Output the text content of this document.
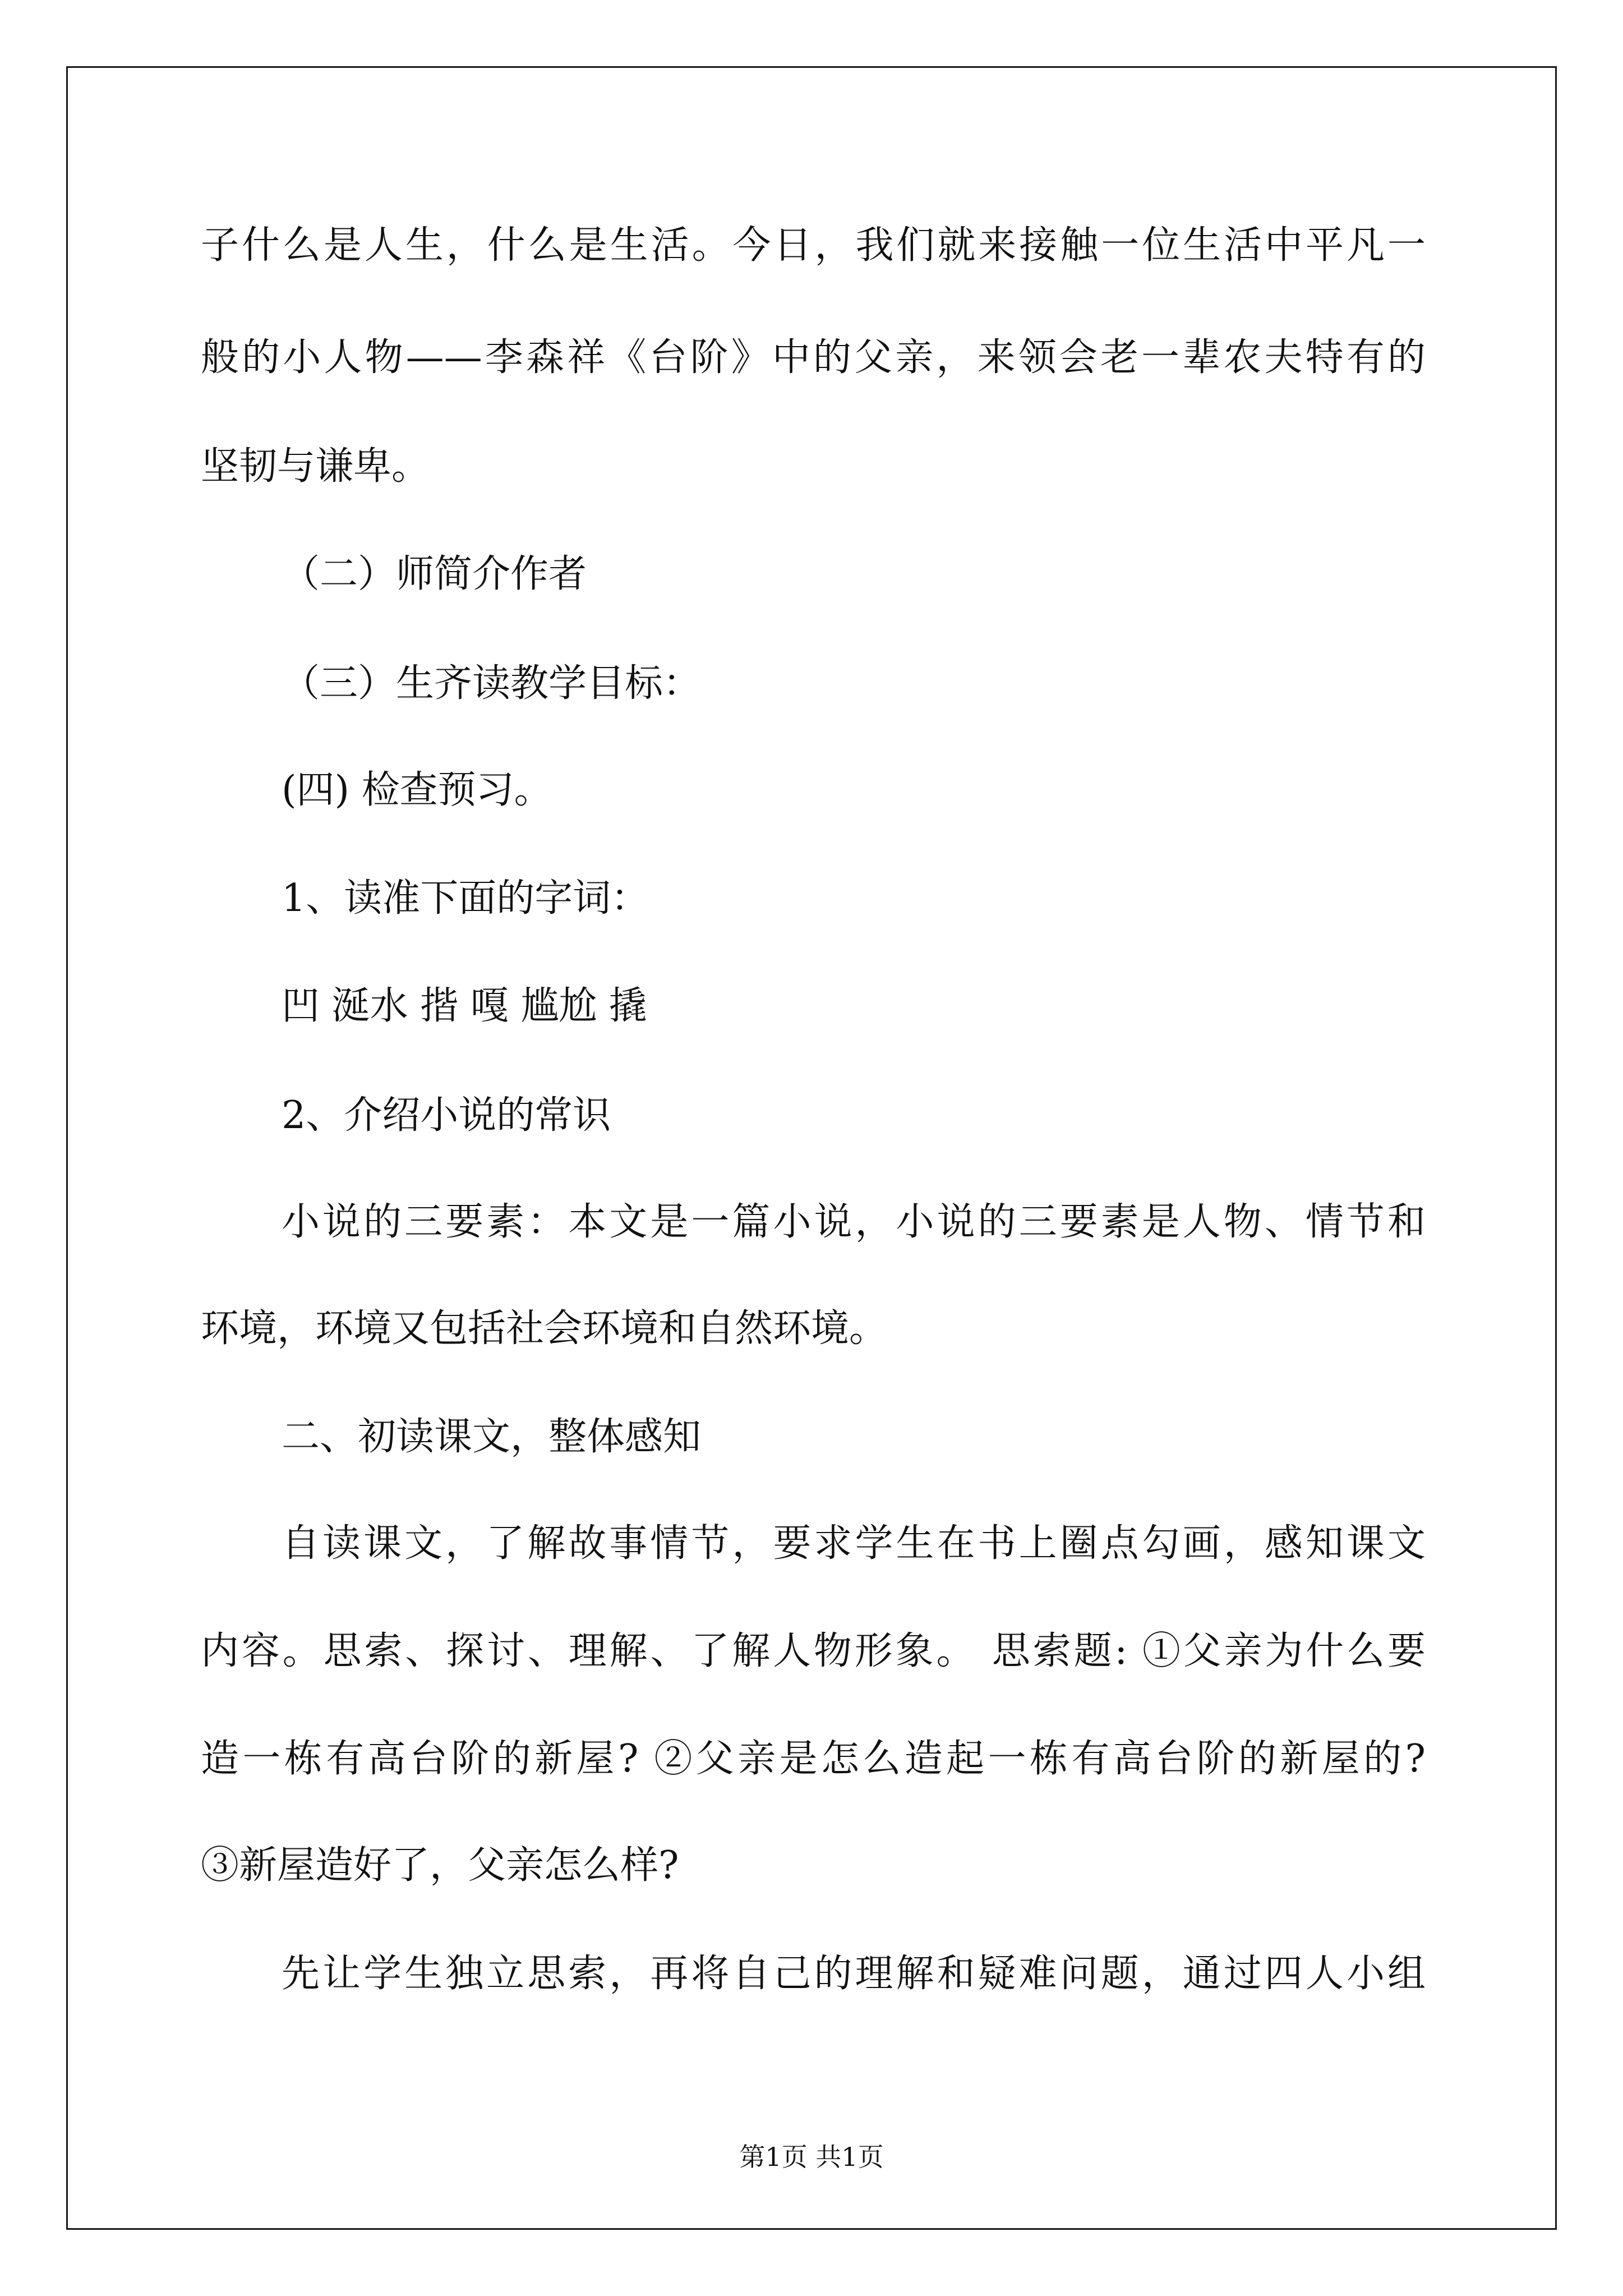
子什么是人生，什么是生活。今日，我们就来接触一位生活中平凡一

般的小人物——李森祥《台阶》中的父亲，来领会老一辈农夫特有的

坚韧与谦卑。

（二）师简介作者

（三）生齐读教学目标：

(四) 检查预习。

1、读准下面的字词：

凹 涎水 揩 嘎 尴尬 撬

2、介绍小说的常识

小说的三要素：本文是一篇小说，小说的三要素是人物、情节和

环境，环境又包括社会环境和自然环境。

二、初读课文，整体感知

自读课文，了解故事情节，要求学生在书上圈点勾画，感知课文

内容。思索、探讨、理解、了解人物形象。 思索题: ①父亲为什么要

造一栋有高台阶的新屋? ②父亲是怎么造起一栋有高台阶的新屋的?

③新屋造好了，父亲怎么样?

先让学生独立思索，再将自己的理解和疑难问题，通过四人小组

第1页 共1页
